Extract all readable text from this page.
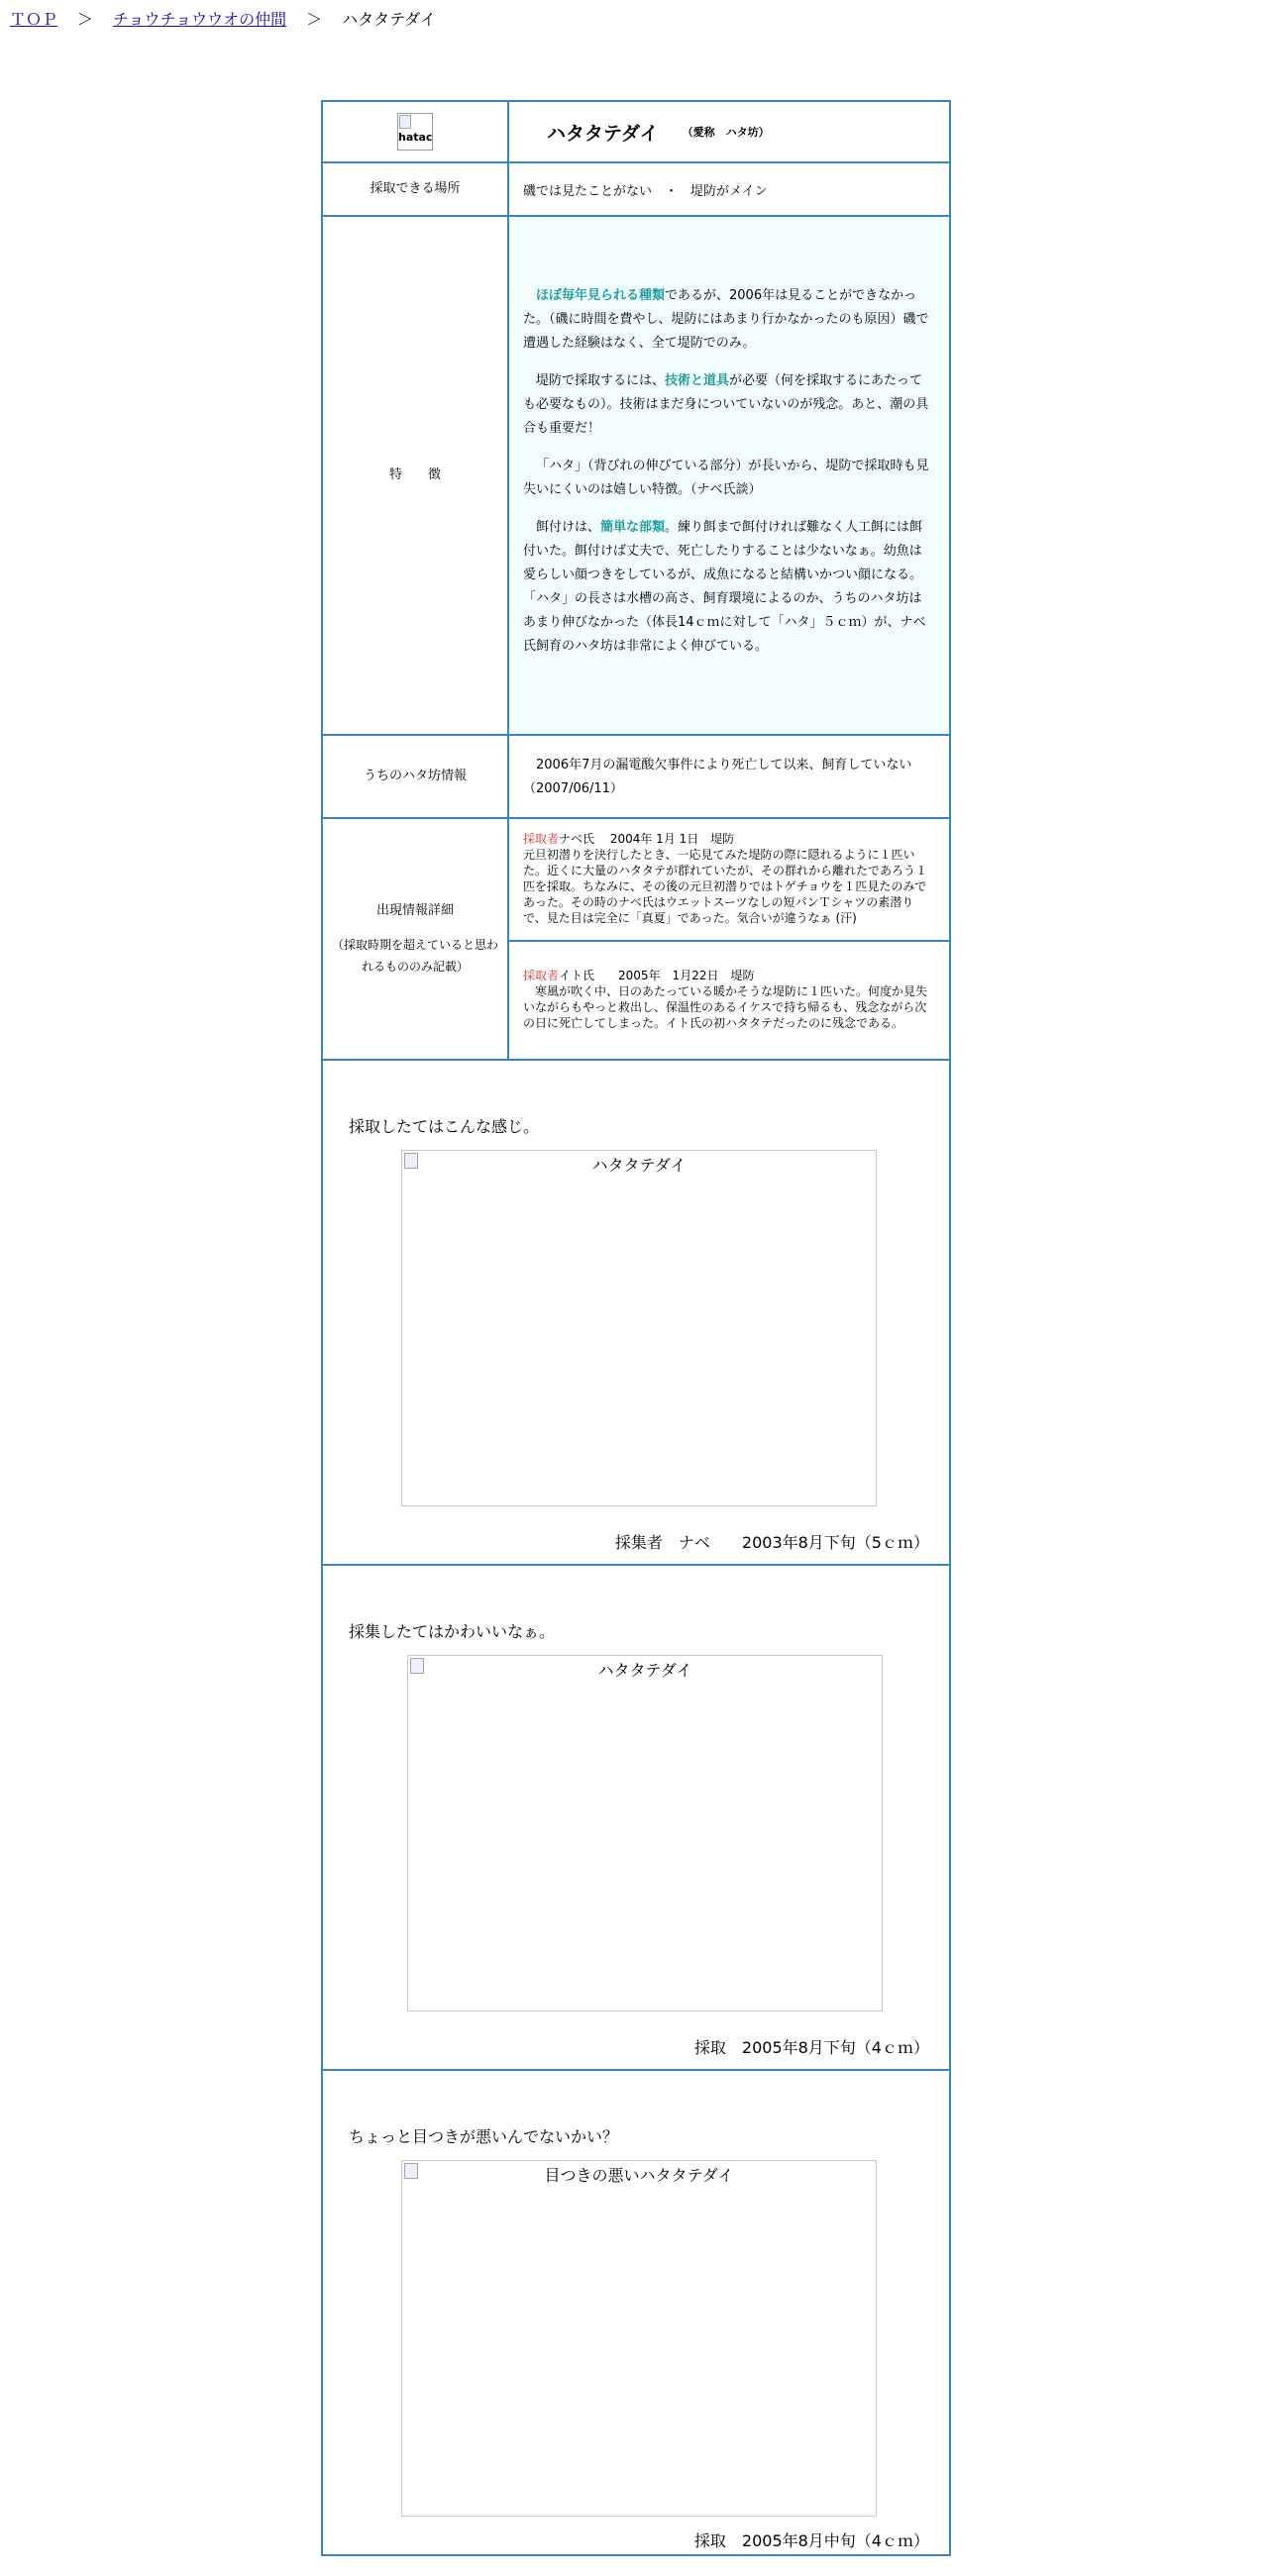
ＴＯＰ ＞ チョウチョウウオの仲間 ＞ ハタタテダイ
hatac	ハタタテダイ （愛称　ハタ坊）
採取できる場所	磯では見たことがない　・　堤防がメイン
特　　徴

ほぼ毎年見られる種類であるが、2006年は見ることができなかった。（磯に時間を費やし、堤防にはあまり行かなかったのも原因）磯で遭遇した経験はなく、全て堤防でのみ。

堤防で採取するには、技術と道具が必要（何を採取するにあたっても必要なもの）。技術はまだ身についていないのが残念。あと、潮の具合も重要だ！

「ハタ」（背びれの伸びている部分）が長いから、堤防で採取時も見失いにくいのは嬉しい特徴。（ナベ氏談）

餌付けは、簡単な部類。練り餌まで餌付ければ難なく人工餌には餌付いた。餌付けば丈夫で、死亡したりすることは少ないなぁ。幼魚は愛らしい顔つきをしているが、成魚になると結構いかつい顔になる。「ハタ」の長さは水槽の高さ、飼育環境によるのか、うちのハタ坊はあまり伸びなかった（体長14ｃｍに対して「ハタ」５ｃｍ）が、ナベ氏飼育のハタ坊は非常によく伸びている。

うちのハタ坊情報
2006年7月の漏電酸欠事件により死亡して以来、飼育していない（2007/06/11）
出現情報詳細
（採取時期を超えていると思われるもののみ記載）
採取者ナベ氏　 2004年 1月 1日　堤防
元旦初潜りを決行したとき、一応見てみた堤防の際に隠れるように１匹いた。近くに大量のハタタテが群れていたが、その群れから離れたであろう１匹を採取。ちなみに、その後の元旦初潜りではトゲチョウを１匹見たのみであった。その時のナベ氏はウエットスーツなしの短パンＴシャツの素潜りで、見た目は完全に「真夏」であった。気合いが違うなぁ (汗)
採取者イト氏　　2005年　1月22日　堤防
寒風が吹く中、日のあたっている暖かそうな堤防に１匹いた。何度か見失いながらもやっと救出し、保温性のあるイケスで持ち帰るも、残念ながら次の日に死亡してしまった。イト氏の初ハタタテだったのに残念である。
採取したてはこんな感じ。
ハタタテダイ
採集者　ナベ　　2003年8月下旬（5ｃｍ）
採集したてはかわいいなぁ。
ハタタテダイ
採取　2005年8月下旬（4ｃｍ）
ちょっと目つきが悪いんでないかい？
目つきの悪いハタタテダイ
採取　2005年8月中旬（4ｃｍ）
